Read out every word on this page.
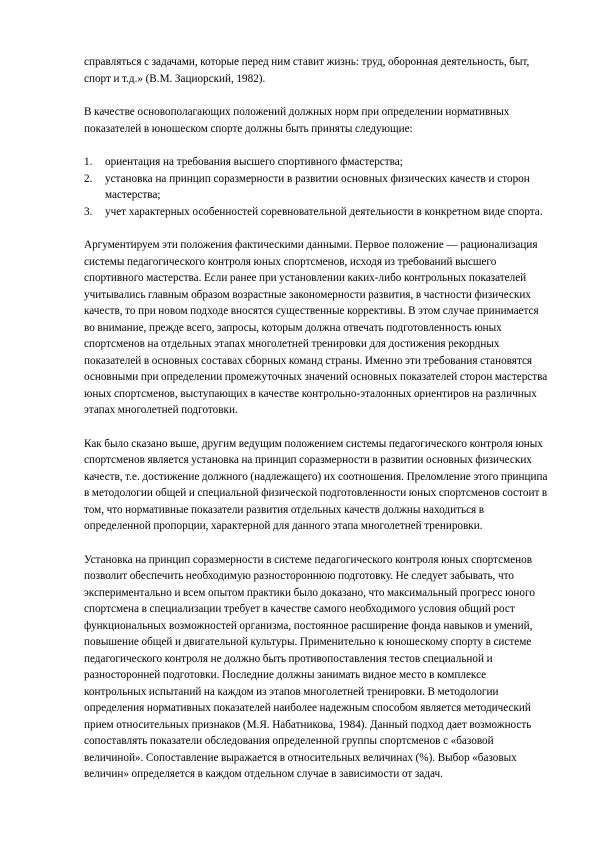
справляться с задачами, которые перед ним ставит жизнь: труд, оборонная деятельность, быт, спорт и т.д.» (В.М. Зациорский, 1982).

В качестве основополагающих положений должных норм при определении нормативных показателей в юношеском спорте должны быть приняты следующие:

1. ориентация на требования высшего спортивного фмастерства;
2. установка на принцип соразмерности в развитии основных физических качеств и сторон мастерства;
3. учет характерных особенностей соревновательной деятельности в конкретном виде спорта.

Аргументируем эти положения фактическими данными. Первое положение — рационализация системы педагогического контроля юных спортсменов, исходя из требований высшего спортивного мастерства. Если ранее при установлении каких-либо контрольных показателей учитывались главным образом возрастные закономерности развития, в частности физических качеств, то при новом подходе вносятся существенные коррективы. В этом случае принимается во внимание, прежде всего, запросы, которым должна отвечать подготовленность юных спортсменов на отдельных этапах многолетней тренировки для достижения рекордных показателей в основных составах сборных команд страны. Именно эти требования становятся основными при определении промежуточных значений основных показателей сторон мастерства юных спортсменов, выступающих в качестве контрольно-эталонных ориентиров на различных этапах многолетней подготовки.

Как было сказано выше, другим ведущим положением системы педагогического контроля юных спортсменов является установка на принцип соразмерности в развитии основных физических качеств, т.е. достижение должного (надлежащего) их соотношения. Преломление этого принципа в методологии общей и специальной физической подготовленности юных спортсменов состоит в том, что нормативные показатели развития отдельных качеств должны находиться в определенной пропорции, характерной для данного этапа многолетней тренировки.

Установка на принцип соразмерности в системе педагогического контроля юных спортсменов позволит обеспечить необходимую разностороннюю подготовку. Не следует забывать, что экспериментально и всем опытом практики было доказано, что максимальный прогресс юного спортсмена в специализации требует в качестве самого необходимого условия общий рост функциональных возможностей организма, постоянное расширение фонда навыков и умений, повышение общей и двигательной культуры. Применительно к юношескому спорту в системе педагогического контроля не должно быть противопоставления тестов специальной и разносторонней подготовки. Последние должны занимать видное место в комплексе контрольных испытаний на каждом из этапов многолетней тренировки. В методологии определения нормативных показателей наиболее надежным способом является методический прием относительных признаков (М.Я. Набатникова, 1984). Данный подход дает возможность сопоставлять показатели обследования определенной группы спортсменов с «базовой величиной». Сопоставление выражается в относительных величинах (%). Выбор «базовых величин» определяется в каждом отдельном случае в зависимости от задач.
